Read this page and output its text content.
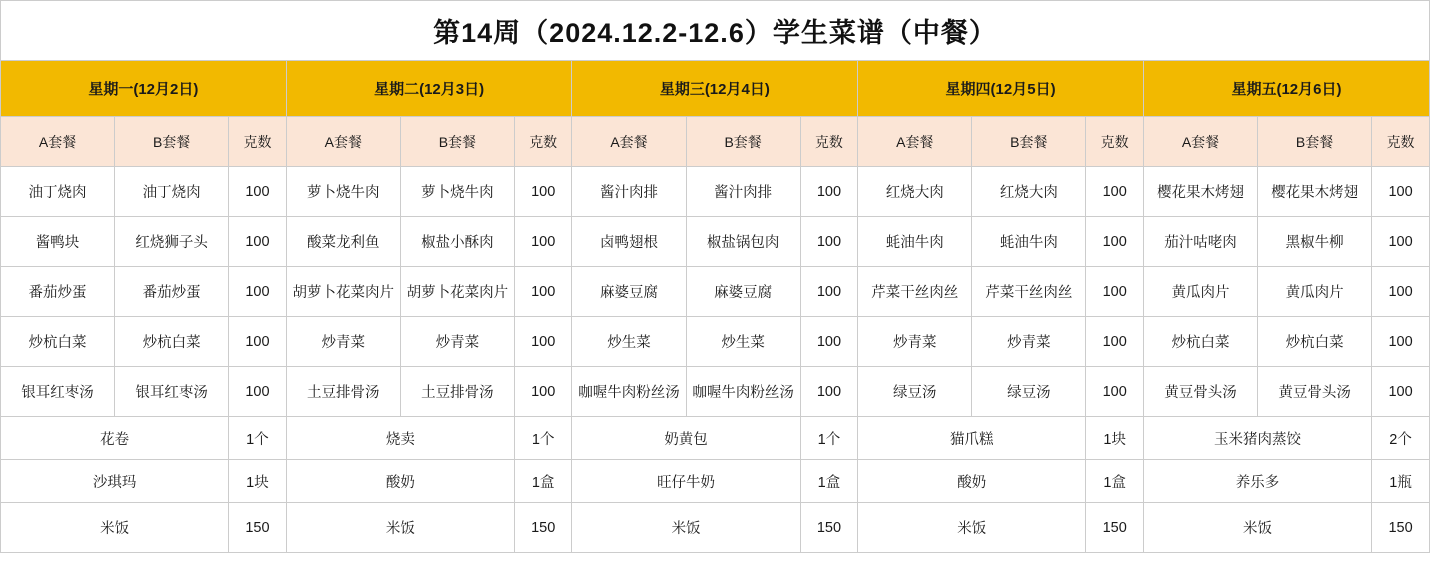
第14周（2024.12.2-12.6）学生菜谱（中餐）														
星期一(12月2日)			星期二(12月3日)			星期三(12月4日)			星期四(12月5日)			星期五(12月6日)		
A套餐	B套餐	克数	A套餐	B套餐	克数	A套餐	B套餐	克数	A套餐	B套餐	克数	A套餐	B套餐	克数
油丁烧肉	油丁烧肉	100	萝卜烧牛肉	萝卜烧牛肉	100	酱汁肉排	酱汁肉排	100	红烧大肉	红烧大肉	100	樱花果木烤翅	樱花果木烤翅	100
酱鸭块	红烧狮子头	100	酸菜龙利鱼	椒盐小酥肉	100	卤鸭翅根	椒盐锅包肉	100	蚝油牛肉	蚝油牛肉	100	茄汁咕咾肉	黑椒牛柳	100
番茄炒蛋	番茄炒蛋	100	胡萝卜花菜肉片	胡萝卜花菜肉片	100	麻婆豆腐	麻婆豆腐	100	芹菜干丝肉丝	芹菜干丝肉丝	100	黄瓜肉片	黄瓜肉片	100
炒杭白菜	炒杭白菜	100	炒青菜	炒青菜	100	炒生菜	炒生菜	100	炒青菜	炒青菜	100	炒杭白菜	炒杭白菜	100
银耳红枣汤	银耳红枣汤	100	土豆排骨汤	土豆排骨汤	100	咖喔牛肉粉丝汤	咖喔牛肉粉丝汤	100	绿豆汤	绿豆汤	100	黄豆骨头汤	黄豆骨头汤	100
花卷		1个	烧卖		1个	奶黄包		1个	猫爪糕		1块	玉米猪肉蒸饺		2个
沙琪玛		1块	酸奶		1盒	旺仔牛奶		1盒	酸奶		1盒	养乐多		1瓶
米饭		150	米饭		150	米饭		150	米饭		150	米饭		150
